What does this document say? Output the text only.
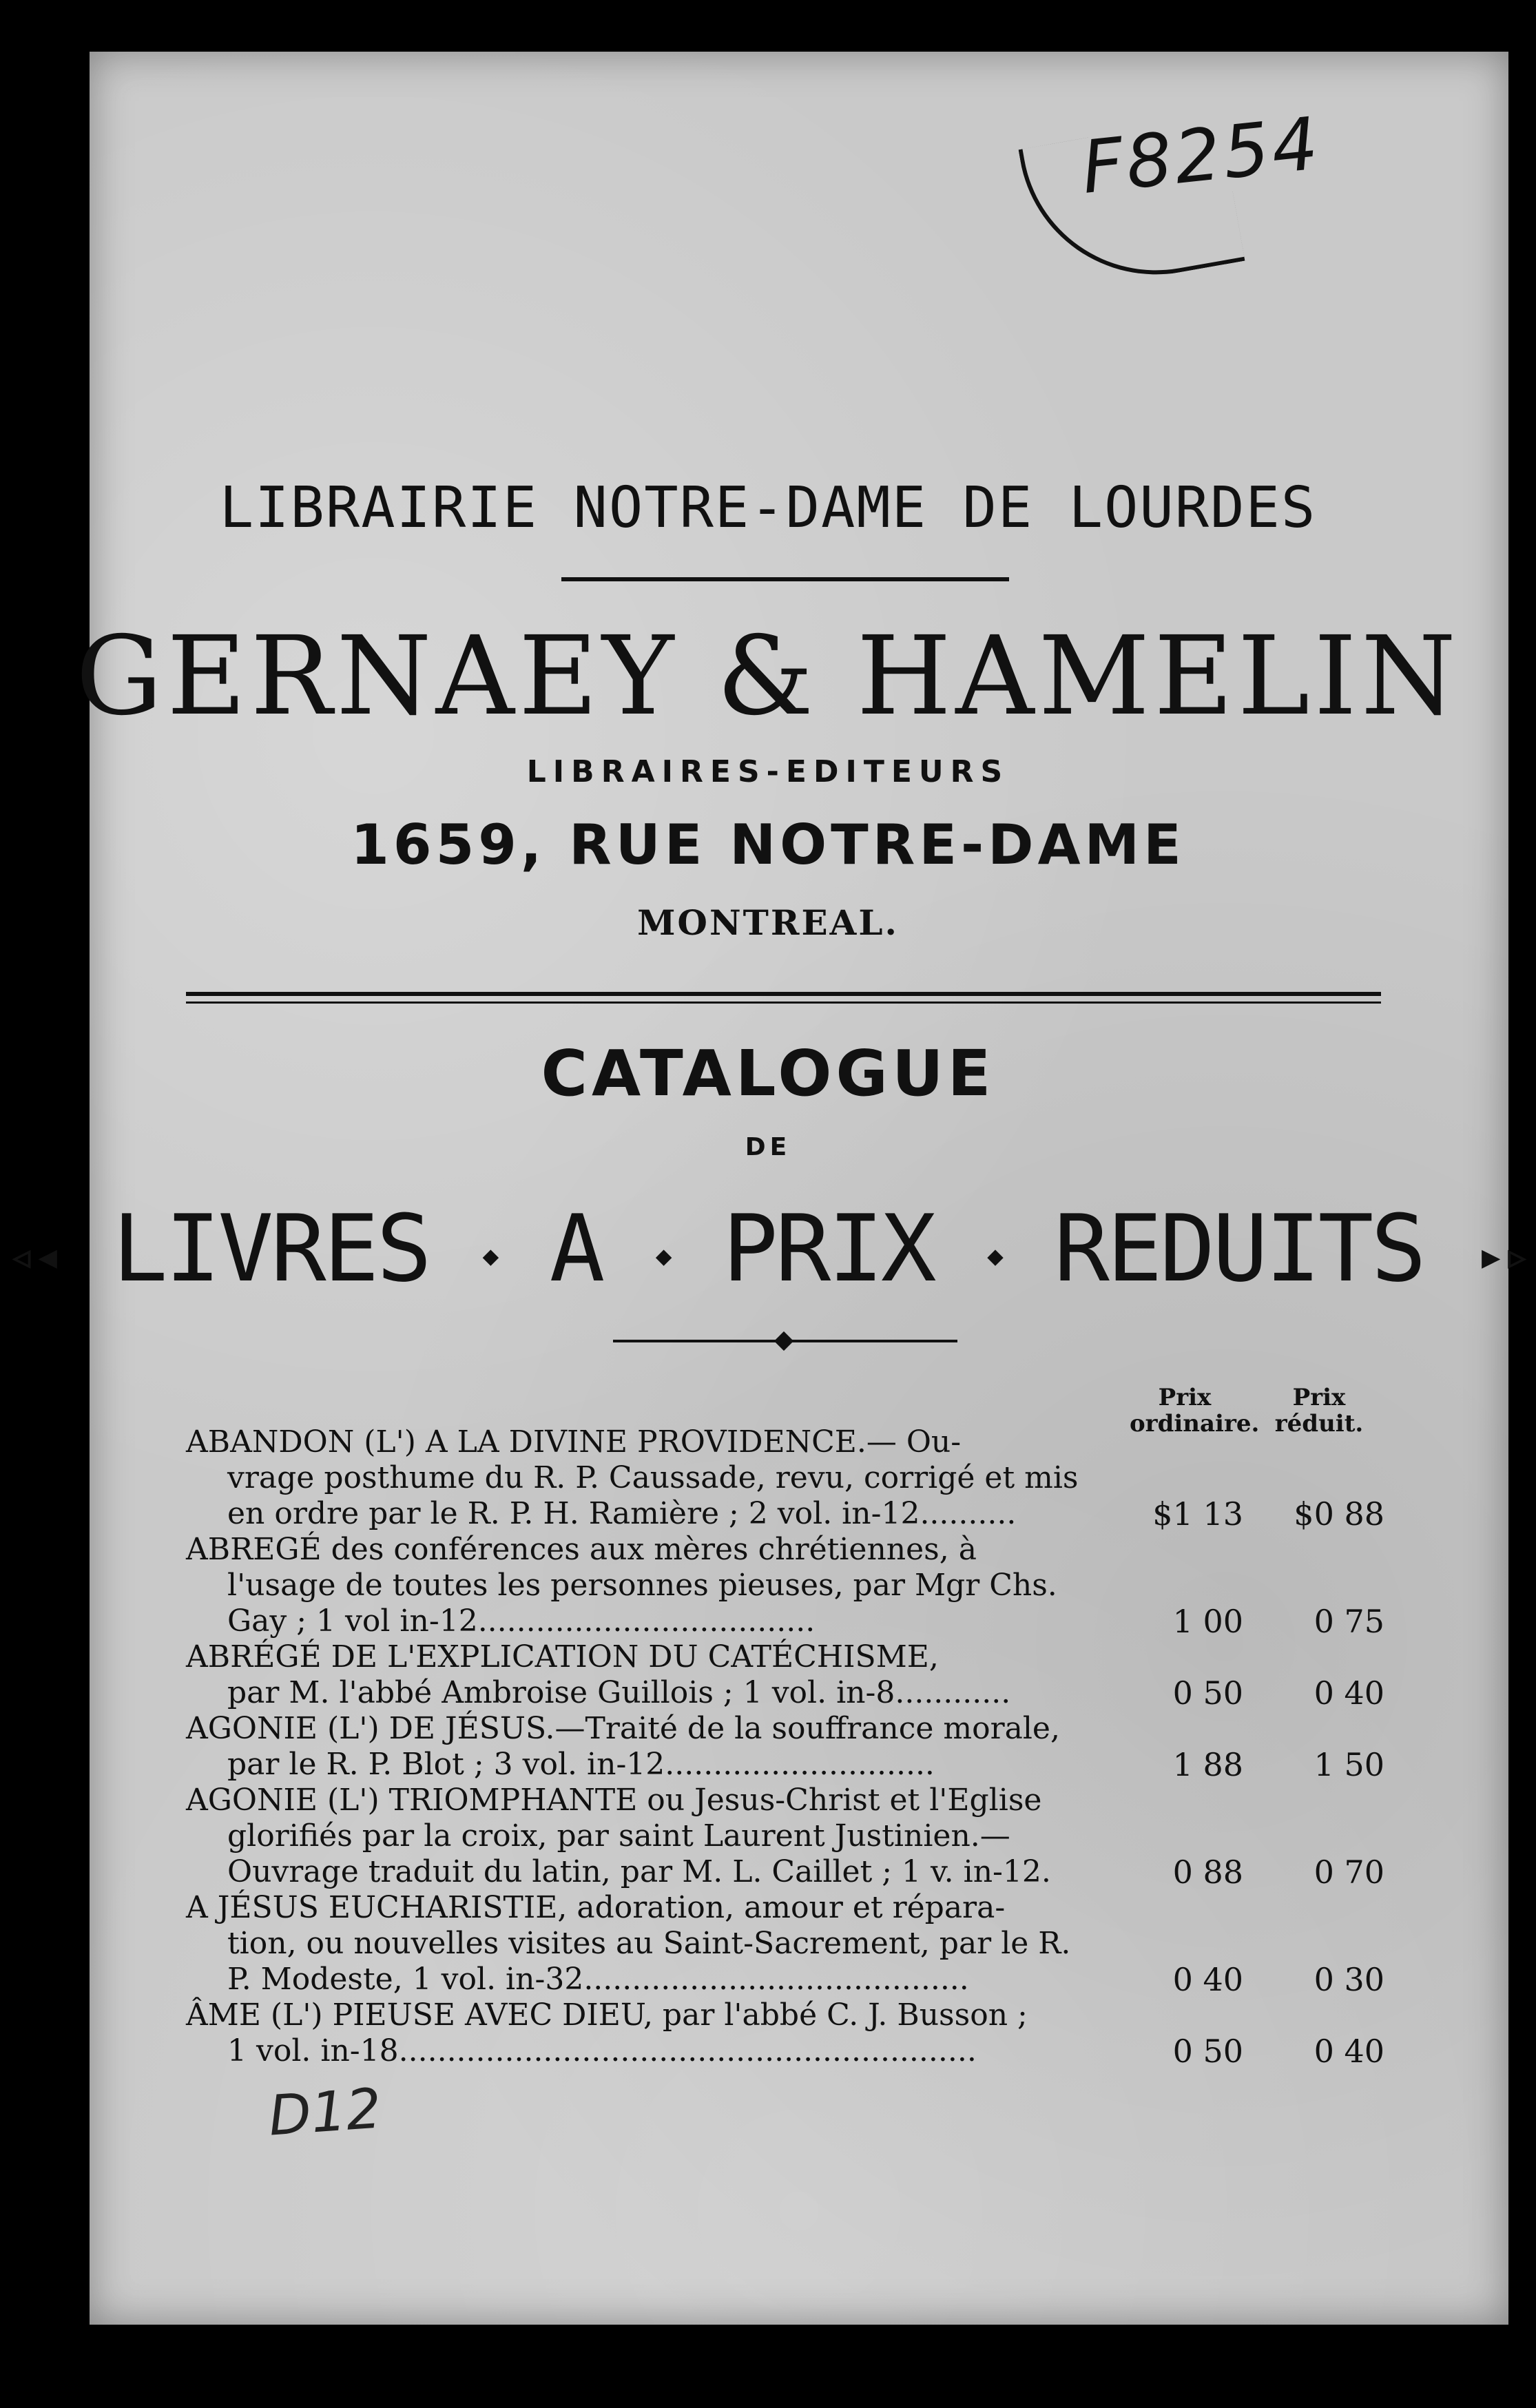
F8254
LIBRAIRIE NOTRE-DAME DE LOURDES
GERNAEY & HAMELIN
LIBRAIRES-EDITEURS
1659, RUE NOTRE-DAME
MONTREAL.
CATALOGUE
DE
◃◂ LIVRES ⬩ A ⬩ PRIX ⬩ REDUITS ▸▹
Prix
ordinaire.
Prix
réduit.
ABANDON (L') A LA DIVINE PROVIDENCE.— Ou-
vrage posthume du R. P. Caussade, revu, corrigé et mis
en ordre par le R. P. H. Ramière ; 2 vol. in-12..........	$1 13	$0 88
ABREGÉ des conférences aux mères chrétiennes, à
l'usage de toutes les personnes pieuses, par Mgr Chs.
Gay ; 1 vol in-12...................................	1 00	0 75
ABRÉGÉ DE L'EXPLICATION DU CATÉCHISME,
par M. l'abbé Ambroise Guillois ; 1 vol. in-8............	0 50	0 40
AGONIE (L') DE JÉSUS.—Traité de la souffrance morale,
par le R. P. Blot ; 3 vol. in-12............................	1 88	1 50
AGONIE (L') TRIOMPHANTE ou Jesus-Christ et l'Eglise
glorifiés par la croix, par saint Laurent Justinien.—
Ouvrage traduit du latin, par M. L. Caillet ; 1 v. in-12.	0 88	0 70
A JÉSUS EUCHARISTIE, adoration, amour et répara-
tion, ou nouvelles visites au Saint-Sacrement, par le R.
P. Modeste, 1 vol. in-32........................................	0 40	0 30
ÂME (L') PIEUSE AVEC DIEU, par l'abbé C. J. Busson ;
1 vol. in-18............................................................	0 50	0 40
D12
